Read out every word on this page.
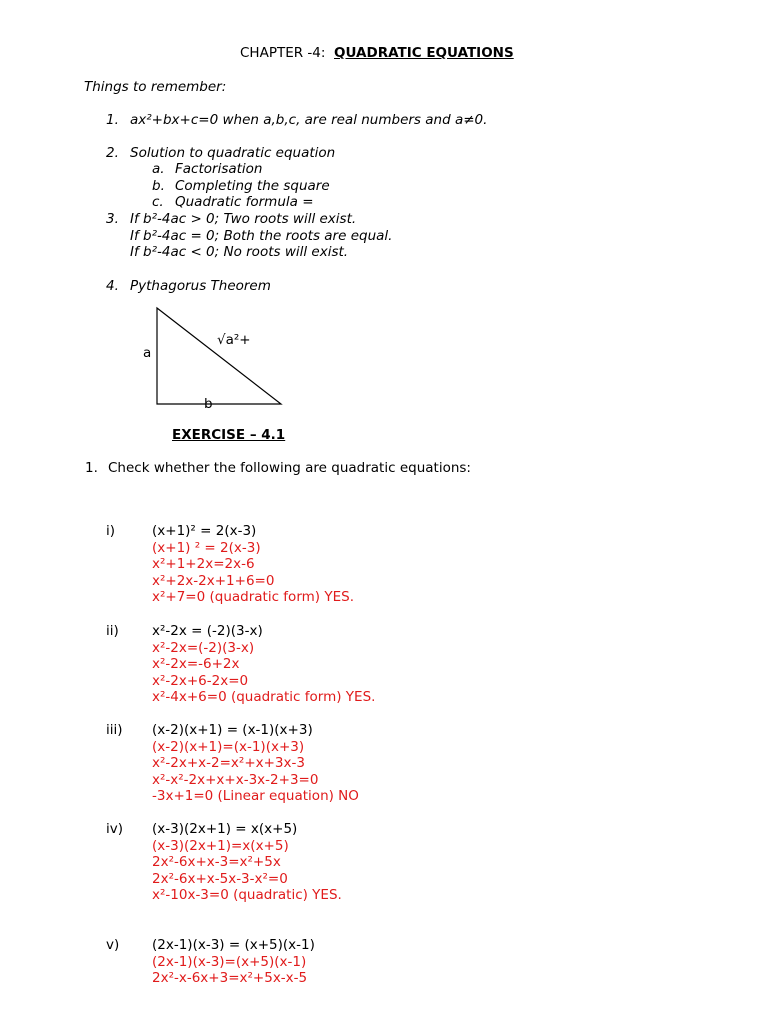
CHAPTER -4: QUADRATIC EQUATIONS
Things to remember:
1. ax²+bx+c=0 when a,b,c, are real numbers and a≠0.
2. Solution to quadratic equation
a. Factorisation
b. Completing the square
c. Quadratic formula =
3. If b²-4ac > 0; Two roots will exist.
If b²-4ac = 0; Both the roots are equal.
If b²-4ac < 0; No roots will exist.
4. Pythagorus Theorem
a
b
√a²+
EXERCISE – 4.1
1. Check whether the following are quadratic equations:
i)	(x+1)² = 2(x-3)
(x+1) ² = 2(x-3)
x²+1+2x=2x-6
x²+2x-2x+1+6=0
x²+7=0 (quadratic form) YES.
ii) x²-2x = (-2)(3-x)
x²-2x=(-2)(3-x)
x²-2x=-6+2x
x²-2x+6-2x=0
x²-4x+6=0 (quadratic form) YES.
iii) (x-2)(x+1) = (x-1)(x+3)
(x-2)(x+1)=(x-1)(x+3)
x²-2x+x-2=x²+x+3x-3
x²-x²-2x+x+x-3x-2+3=0
-3x+1=0 (Linear equation) NO
iv) (x-3)(2x+1) = x(x+5)
(x-3)(2x+1)=x(x+5)
2x²-6x+x-3=x²+5x
2x²-6x+x-5x-3-x²=0
x²-10x-3=0 (quadratic) YES.
v) (2x-1)(x-3) = (x+5)(x-1)
(2x-1)(x-3)=(x+5)(x-1)
2x²-x-6x+3=x²+5x-x-5
